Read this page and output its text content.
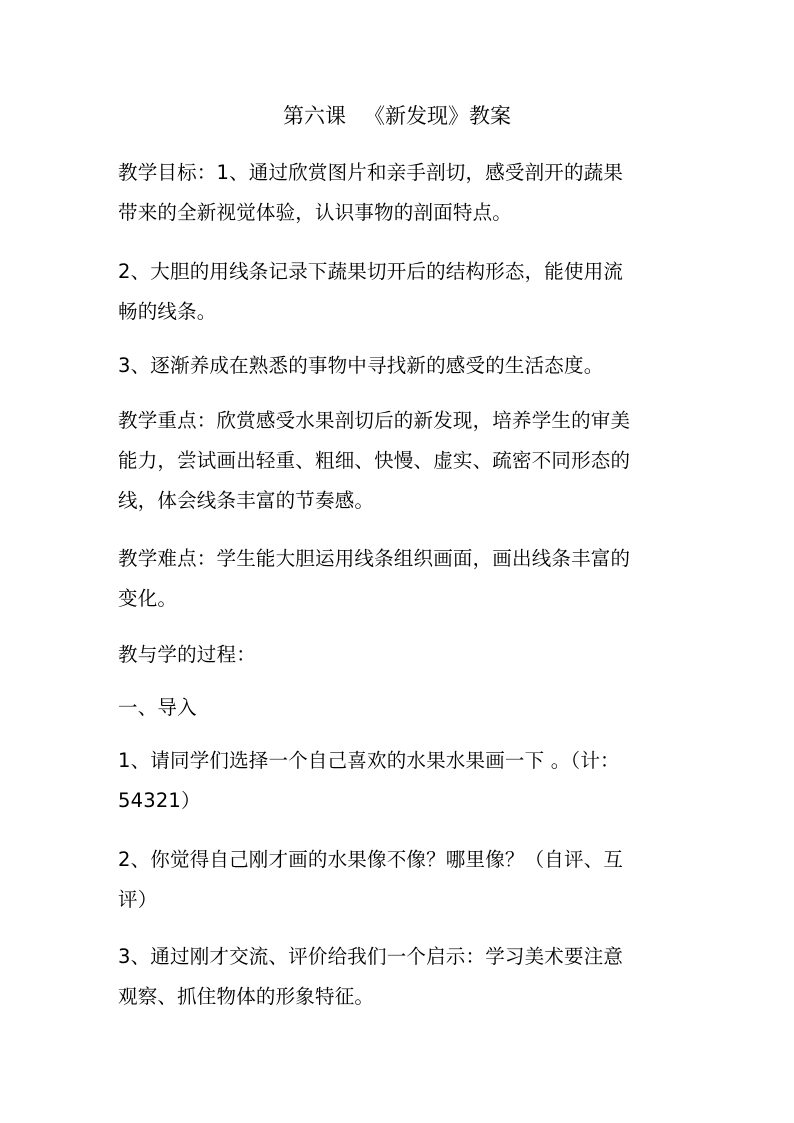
第六课 《新发现》教案
教学目标：1、通过欣赏图片和亲手剖切，感受剖开的蔬果
带来的全新视觉体验，认识事物的剖面特点。
2、大胆的用线条记录下蔬果切开后的结构形态，能使用流
畅的线条。
3、逐渐养成在熟悉的事物中寻找新的感受的生活态度。
教学重点：欣赏感受水果剖切后的新发现，培养学生的审美
能力，尝试画出轻重、粗细、快慢、虚实、疏密不同形态的
线，体会线条丰富的节奏感。
教学难点：学生能大胆运用线条组织画面，画出线条丰富的
变化。
教与学的过程：
一、导入
1、请同学们选择一个自己喜欢的水果水果画一下 。（计：
54321）
2、你觉得自己刚才画的水果像不像？哪里像？（自评、互
评）
3、通过刚才交流、评价给我们一个启示：学习美术要注意
观察、抓住物体的形象特征。
